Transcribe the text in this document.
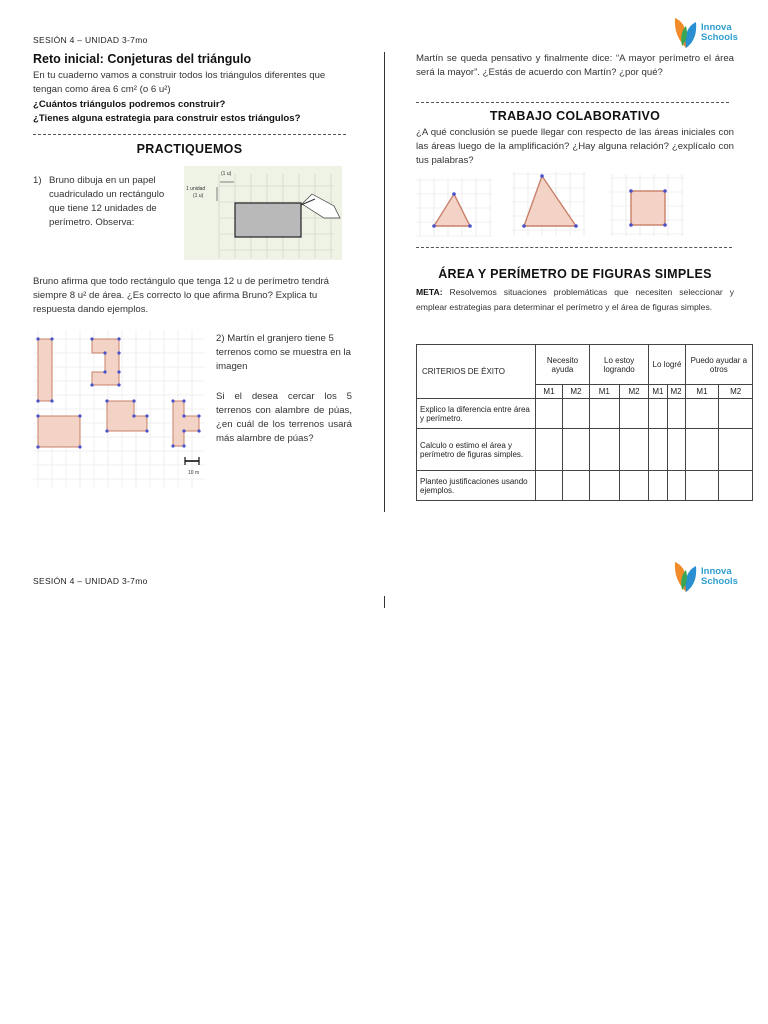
SESIÓN 4 – UNIDAD 3-7mo
Innova
Schools
Reto inicial: Conjeturas del triángulo
En tu cuaderno vamos a construir todos los triángulos diferentes que tengan como área 6 cm² (o 6 u²)
¿Cuántos triángulos podremos construir?
¿Tienes alguna estrategia para construir estos triángulos?
PRACTIQUEMOS
1) Bruno dibuja en un papel cuadriculado un rectángulo que tiene 12 unidades de perímetro. Observa:
(1 u)
1 unidad
(1 u)
Bruno afirma que todo rectángulo que tenga 12 u de perímetro tendrá siempre 8 u² de área. ¿Es correcto lo que afirma Bruno? Explica tu respuesta dando ejemplos.
10 m
2) Martín el granjero tiene 5 terrenos como se muestra en la imagen
Si el desea cercar los 5 terrenos con alambre de púas, ¿en cuál de los terrenos usará más alambre de púas?
Martín se queda pensativo y finalmente dice: “A mayor perímetro el área será la mayor”. ¿Estás de acuerdo con Martín? ¿por qué?
TRABAJO COLABORATIVO
¿A qué conclusión se puede llegar con respecto de las áreas iniciales con las áreas luego de la amplificación? ¿Hay alguna relación? ¿explícalo con tus palabras?
ÁREA Y PERÍMETRO DE FIGURAS SIMPLES
META: Resolvemos situaciones problemáticas que necesiten seleccionar y emplear estrategias para determinar el perímetro y el área de figuras simples.
CRITERIOS DE ÉXITO	Necesito ayuda		Lo estoy logrando		Lo logré		Puedo ayudar a otros	
	M1	M2	M1	M2	M1	M2	M1	M2
Explico la diferencia entre área y perímetro.								
Calculo o estimo el área y perímetro de figuras simples.								
Planteo justificaciones usando ejemplos.								
SESIÓN 4 – UNIDAD 3-7mo
Innova
Schools
